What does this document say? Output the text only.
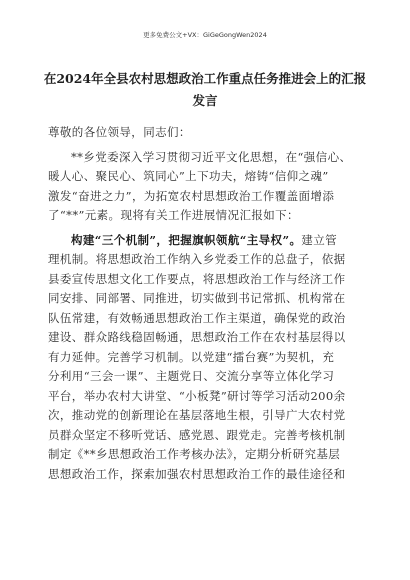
更多免费公文+VX：GiGeGongWen2024
在2024年全县农村思想政治工作重点任务推进会上的汇报
发言
尊敬的各位领导，同志们：
**乡党委深入学习贯彻习近平文化思想，在“强信心、
暖人心、聚民心、筑同心”上下功夫，熔铸“信仰之魂”
激发“奋进之力”，为拓宽农村思想政治工作覆盖面增添
了“**”元素。现将有关工作进展情况汇报如下：
构建“三个机制”，把握旗帜领航“主导权”。建立管
理机制。将思想政治工作纳入乡党委工作的总盘子，依据
县委宣传思想文化工作要点，将思想政治工作与经济工作
同安排、同部署、同推进，切实做到书记常抓、机构常在
队伍常建，有效畅通思想政治工作主渠道，确保党的政治
建设、群众路线稳固畅通，思想政治工作在农村基层得以
有力延伸。完善学习机制。以党建“擂台赛”为契机，充
分利用“三会一课”、主题党日、交流分享等立体化学习
平台，举办农村大讲堂、“小板凳”研讨等学习活动200余
次，推动党的创新理论在基层落地生根，引导广大农村党
员群众坚定不移听党话、感党恩、跟党走。完善考核机制
制定《**乡思想政治工作考核办法》，定期分析研究基层
思想政治工作，探索加强农村思想政治工作的最佳途径和
